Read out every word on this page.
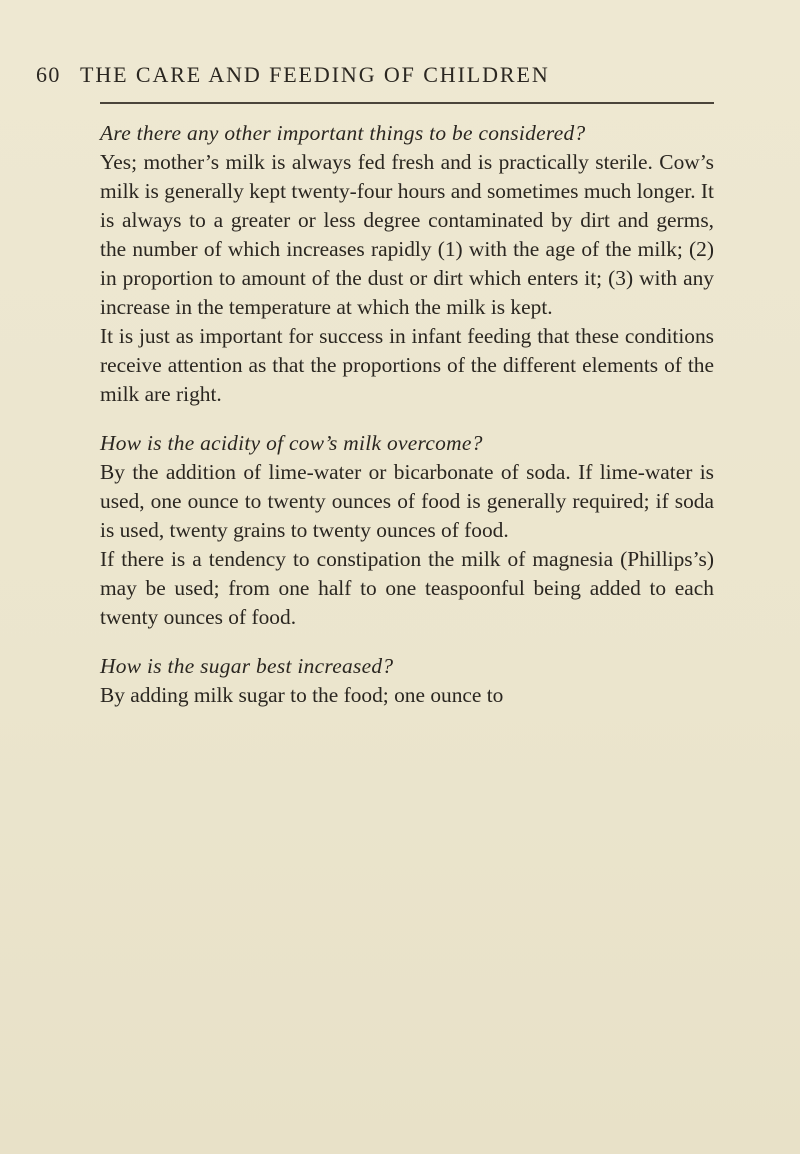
60 THE CARE AND FEEDING OF CHILDREN

Are there any other important things to be considered?

Yes; mother’s milk is always fed fresh and is practically sterile. Cow’s milk is generally kept twenty-four hours and sometimes much longer. It is always to a greater or less degree contaminated by dirt and germs, the number of which increases rapidly (1) with the age of the milk; (2) in proportion to amount of the dust or dirt which enters it; (3) with any increase in the temperature at which the milk is kept.

It is just as important for success in infant feeding that these conditions receive attention as that the proportions of the different elements of the milk are right.

How is the acidity of cow’s milk overcome?

By the addition of lime-water or bicarbonate of soda. If lime-water is used, one ounce to twenty ounces of food is generally required; if soda is used, twenty grains to twenty ounces of food.

If there is a tendency to constipation the milk of magnesia (Phillips’s) may be used; from one half to one teaspoonful being added to each twenty ounces of food.

How is the sugar best increased?

By adding milk sugar to the food; one ounce to
